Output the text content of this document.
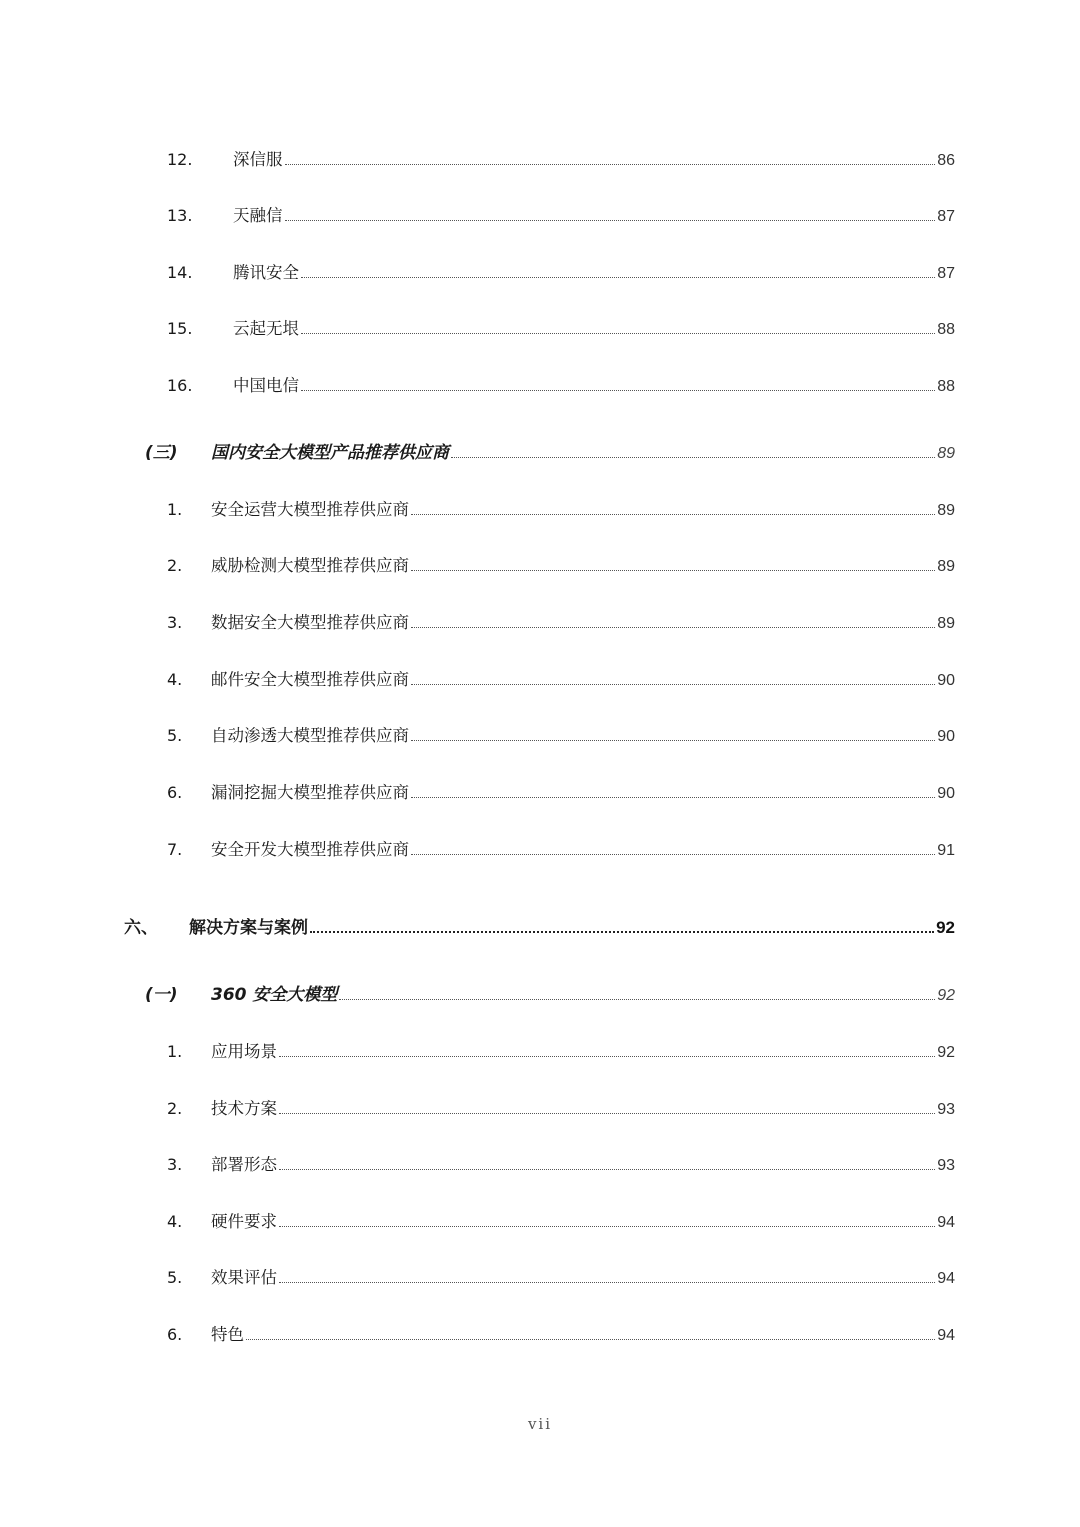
12. 深信服	86
13. 天融信	87
14. 腾讯安全	87
15. 云起无垠	88
16. 中国电信	88
(三) 国内安全大模型产品推荐供应商	89
1. 安全运营大模型推荐供应商	89
2. 威胁检测大模型推荐供应商	89
3. 数据安全大模型推荐供应商	89
4. 邮件安全大模型推荐供应商	90
5. 自动渗透大模型推荐供应商	90
6. 漏洞挖掘大模型推荐供应商	90
7. 安全开发大模型推荐供应商	91
六、 解决方案与案例	92
(一) 360 安全大模型	92
1. 应用场景	92
2. 技术方案	93
3. 部署形态	93
4. 硬件要求	94
5. 效果评估	94
6. 特色	94
vii
